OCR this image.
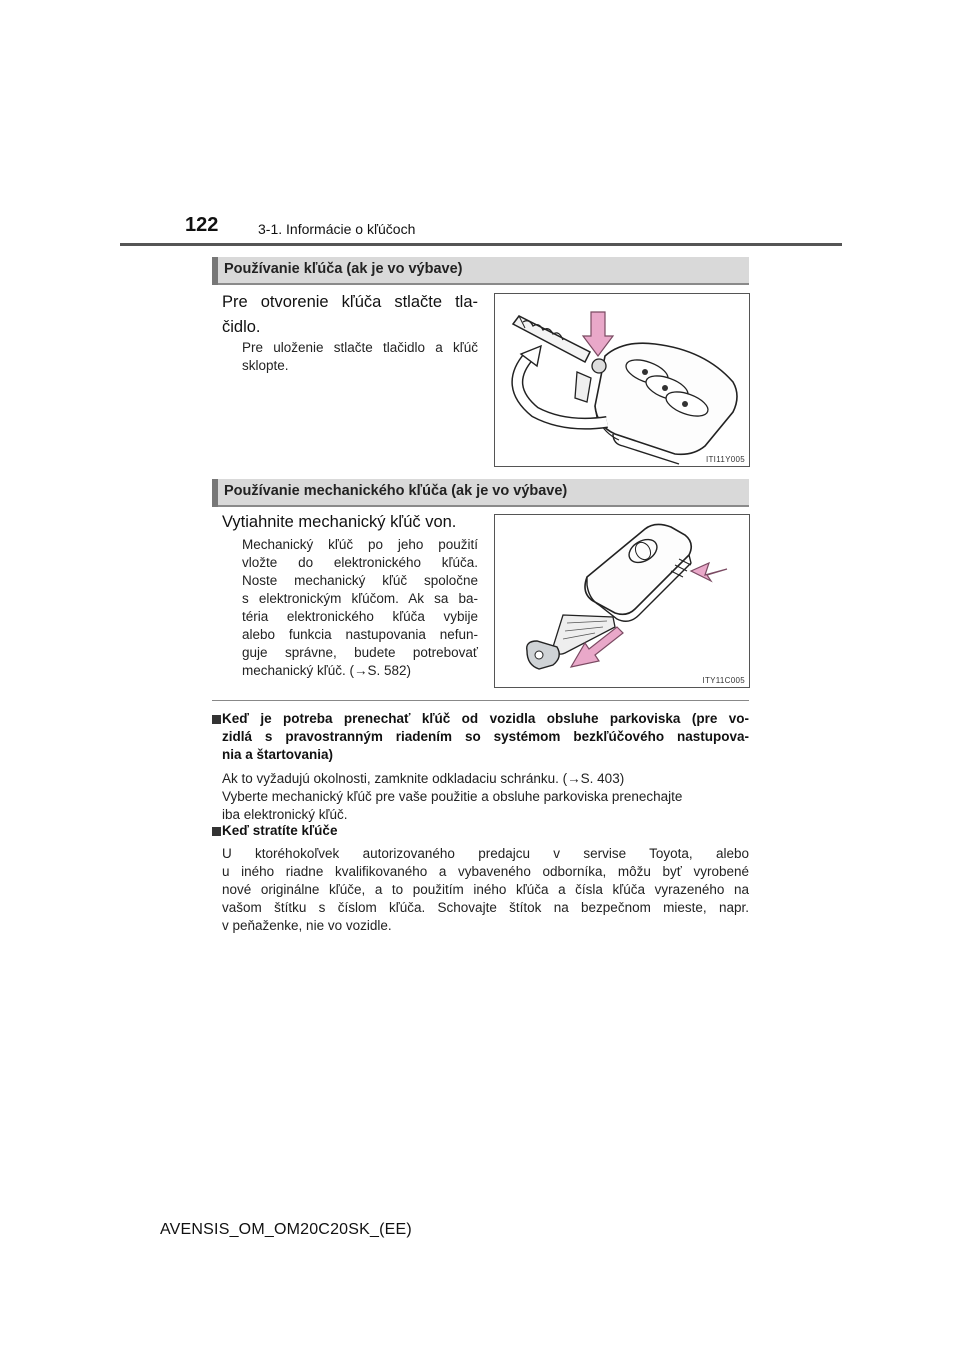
122	3-1. Informácie o kľúčoch
Používanie kľúča (ak je vo výbave)
Pre otvorenie kľúča stlačte tla-
čidlo.
Pre uloženie stlačte tlačidlo a kľúč
sklopte.
ITI11Y005
Používanie mechanického kľúča (ak je vo výbave)
Vytiahnite mechanický kľúč von.
Mechanický kľúč po jeho použití
vložte do elektronického kľúča.
Noste mechanický kľúč spoločne
s elektronickým kľúčom. Ak sa ba-
téria elektronického kľúča vybije
alebo funkcia nastupovania nefun-
guje správne, budete potrebovať
mechanický kľúč. (→S. 582)
ITY11C005
Keď je potreba prenechať kľúč od vozidla obsluhe parkoviska (pre vo-
zidlá s pravostranným riadením so systémom bezkľúčového nastupova-
nia a štartovania)
Ak to vyžadujú okolnosti, zamknite odkladaciu schránku. (→S. 403)
Vyberte mechanický kľúč pre vaše použitie a obsluhe parkoviska prenechajte
iba elektronický kľúč.
Keď stratíte kľúče
U ktoréhokoľvek autorizovaného predajcu v servise Toyota, alebo
u iného riadne kvalifikovaného a vybaveného odborníka, môžu byť vyrobené
nové originálne kľúče, a to použitím iného kľúča a čísla kľúča vyrazeného na
vašom štítku s číslom kľúča. Schovajte štítok na bezpečnom mieste, napr.
v peňaženke, nie vo vozidle.
AVENSIS_OM_OM20C20SK_(EE)
